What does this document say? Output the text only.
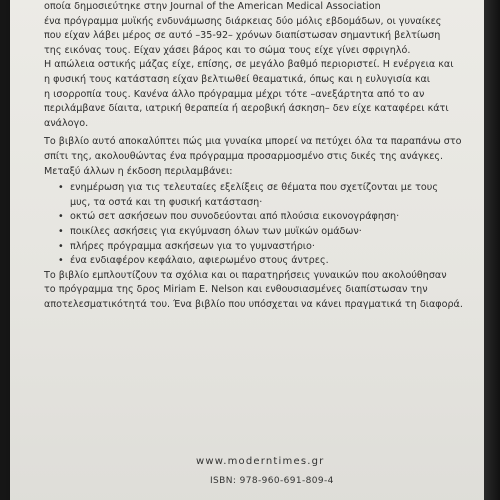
οποία δημοσιεύτηκε στην Journal of the American Medical Association
ένα πρόγραμμα μυϊκής ενδυνάμωσης διάρκειας δύο μόλις εβδομάδων, οι γυναίκες
που είχαν λάβει μέρος σε αυτό –35-92– χρόνων διαπίστωσαν σημαντική βελτίωση
της εικόνας τους. Είχαν χάσει βάρος και το σώμα τους είχε γίνει σφριγηλό.
Η απώλεια οστικής μάζας είχε, επίσης, σε μεγάλο βαθμό περιοριστεί. Η ενέργεια και
η φυσική τους κατάσταση είχαν βελτιωθεί θεαματικά, όπως και η ευλυγισία και
η ισορροπία τους. Κανένα άλλο πρόγραμμα μέχρι τότε –ανεξάρτητα από το αν
περιλάμβανε δίαιτα, ιατρική θεραπεία ή αεροβική άσκηση– δεν είχε καταφέρει κάτι
ανάλογο.

Το βιβλίο αυτό αποκαλύπτει πώς μια γυναίκα μπορεί να πετύχει όλα τα παραπάνω στο
σπίτι της, ακολουθώντας ένα πρόγραμμα προσαρμοσμένο στις δικές της ανάγκες.

Μεταξύ άλλων η έκδοση περιλαμβάνει:

• ενημέρωση για τις τελευταίες εξελίξεις σε θέματα που σχετίζονται με τους
μυς, τα οστά και τη φυσική κατάσταση·
• οκτώ σετ ασκήσεων που συνοδεύονται από πλούσια εικονογράφηση·
• ποικίλες ασκήσεις για εκγύμναση όλων των μυϊκών ομάδων·
• πλήρες πρόγραμμα ασκήσεων για το γυμναστήριο·
• ένα ενδιαφέρον κεφάλαιο, αφιερωμένο στους άντρες.

Το βιβλίο εμπλουτίζουν τα σχόλια και οι παρατηρήσεις γυναικών που ακολούθησαν
το πρόγραμμα της δρος Miriam E. Nelson και ενθουσιασμένες διαπίστωσαν την
αποτελεσματικότητά του. Ένα βιβλίο που υπόσχεται να κάνει πραγματικά τη διαφορά.

www.moderntimes.gr
ISBN: 978-960-691-809-4
